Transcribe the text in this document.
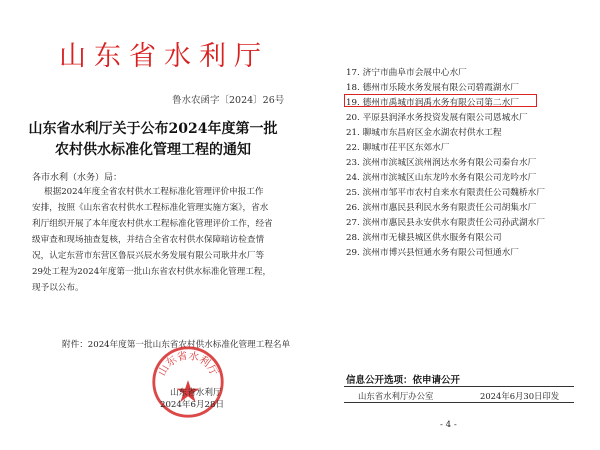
山东省水利厅
鲁水农函字〔2024〕26号
山东省水利厅关于公布2024年度第一批
农村供水标准化管理工程的通知
各市水利（水务）局：
根据2024年度全省农村供水工程标准化管理评价申报工作
安排，按照《山东省农村供水工程标准化管理实施方案》，省水
利厅组织开展了本年度农村供水工程标准化管理评价工作，经省
级审查和现场抽查复核，并结合全省农村供水保障暗访检查情
况，认定东营市东营区鲁辰兴辰水务发展有限公司耿井水厂等
29处工程为2024年度第一批山东省农村供水标准化管理工程，
现予以公布。
附件：2024年度第一批山东省农村供水标准化管理工程名单
山东省水利厅
山东省水利厅
2024年6月28日
17. 济宁市曲阜市会展中心水厂
18. 德州市乐陵水务发展有限公司碧霞湖水厂
19. 德州市禹城市润禹水务有限公司第二水厂
20. 平原县润泽水务投资发展有限公司恩城水厂
21. 聊城市东昌府区金水湖农村供水工程
22. 聊城市茌平区东郊水厂
23. 滨州市滨城区滨州润达水务有限公司秦台水厂
24. 滨州市滨城区山东龙吟水务有限公司龙吟水厂
25. 滨州市邹平市农村自来水有限责任公司魏桥水厂
26. 滨州市惠民县利民水务有限责任公司胡集水厂
27. 滨州市惠民县永安供水有限责任公司孙武湖水厂
28. 滨州市无棣县城区供水服务有限公司
29. 滨州市博兴县恒通水务有限公司恒通水厂
信息公开选项：依申请公开
山东省水利厅办公室	2024年6月30日印发
- 4 -
